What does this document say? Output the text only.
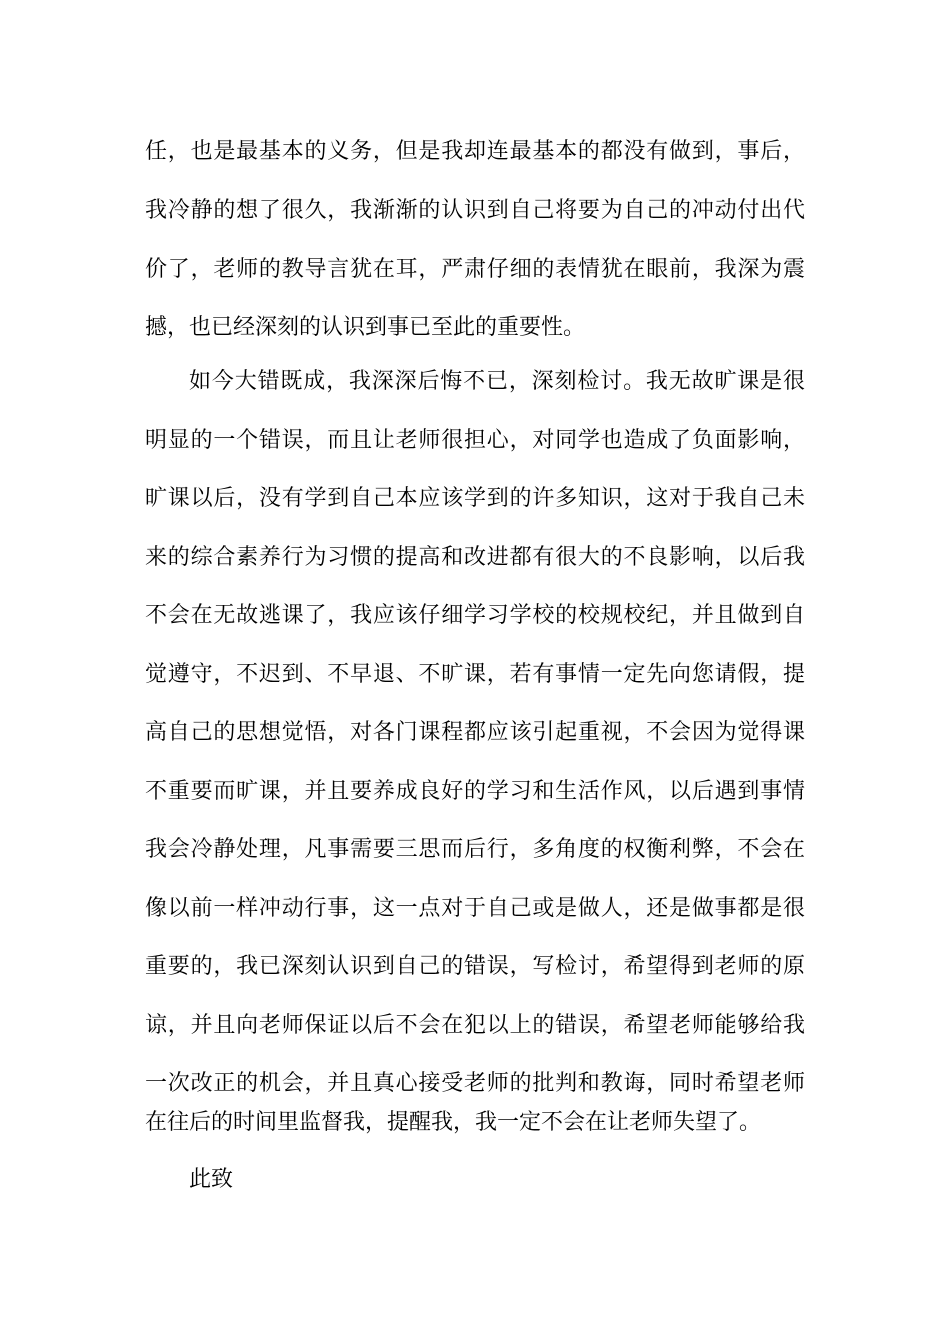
任，也是最基本的义务，但是我却连最基本的都没有做到，事后，
我冷静的想了很久，我渐渐的认识到自己将要为自己的冲动付出代
价了，老师的教导言犹在耳，严肃仔细的表情犹在眼前，我深为震
撼，也已经深刻的认识到事已至此的重要性。
如今大错既成，我深深后悔不已，深刻检讨。我无故旷课是很
明显的一个错误，而且让老师很担心，对同学也造成了负面影响，
旷课以后，没有学到自己本应该学到的许多知识，这对于我自己未
来的综合素养行为习惯的提高和改进都有很大的不良影响，以后我
不会在无故逃课了，我应该仔细学习学校的校规校纪，并且做到自
觉遵守，不迟到、不早退、不旷课，若有事情一定先向您请假，提
高自己的思想觉悟，对各门课程都应该引起重视，不会因为觉得课
不重要而旷课，并且要养成良好的学习和生活作风，以后遇到事情
我会冷静处理，凡事需要三思而后行，多角度的权衡利弊，不会在
像以前一样冲动行事，这一点对于自己或是做人，还是做事都是很
重要的，我已深刻认识到自己的错误，写检讨，希望得到老师的原
谅，并且向老师保证以后不会在犯以上的错误，希望老师能够给我
一次改正的机会，并且真心接受老师的批判和教诲，同时希望老师
在往后的时间里监督我，提醒我，我一定不会在让老师失望了。
此致
